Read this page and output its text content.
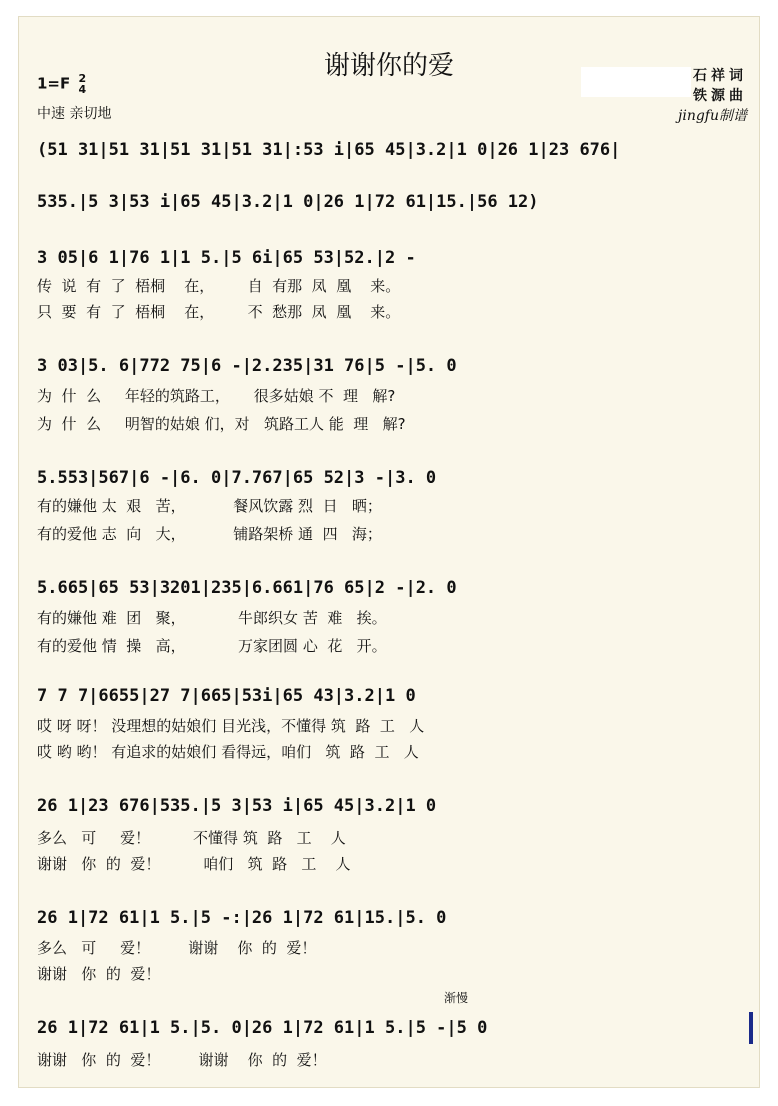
谢谢你的爱
1=F 2
4
中速 亲切地
石祥词
铁源曲
jingfu制谱
(51 31|51 31|51 31|51 31|:53 i|65 45|3.2|1 0|26 1|23 676|
535.|5 3|53 i|65 45|3.2|1 0|26 1|72 61|15.|56 12)
3 05|6 1|76 1|1 5.|5 6i|65 53|52.|2 -
传  说  有  了  梧桐    在，       自  有那  凤  凰    来。
只  要  有  了  梧桐    在，       不  愁那  凤  凰    来。
3 03|5. 6|772 75|6 -|2.235|31 76|5 -|5. 0
为  什  么     年轻的筑路工，     很多姑娘 不  理   解?
为  什  么     明智的姑娘 们，对   筑路工人 能  理   解?
5.553|567|6 -|6. 0|7.767|65 52|3 -|3. 0
有的嫌他 太  艰   苦，          餐风饮露 烈  日   晒；
有的爱他 志  向   大，          铺路架桥 通  四   海；
5.665|65 53|3201|235|6.661|76 65|2 -|2. 0
有的嫌他 难  团   聚，           牛郎织女 苦  难   挨。
有的爱他 情  操   高，           万家团圆 心  花   开。
7 7 7|6655|27 7|665|53i|65 43|3.2|1 0
哎 呀 呀！ 没理想的姑娘们 目光浅，不懂得 筑  路  工   人
哎 哟 哟！ 有追求的姑娘们 看得远，咱们   筑  路  工   人
26 1|23 676|535.|5 3|53 i|65 45|3.2|1 0
多么   可     爱！         不懂得 筑  路   工    人
谢谢   你  的  爱！         咱们   筑  路   工    人
26 1|72 61|1 5.|5 -:|26 1|72 61|15.|5. 0
多么   可     爱！        谢谢    你  的  爱！
谢谢   你  的  爱！
渐慢
26 1|72 61|1 5.|5. 0|26 1|72 61|1 5.|5 -|5 0
谢谢   你  的  爱！        谢谢    你  的  爱！
